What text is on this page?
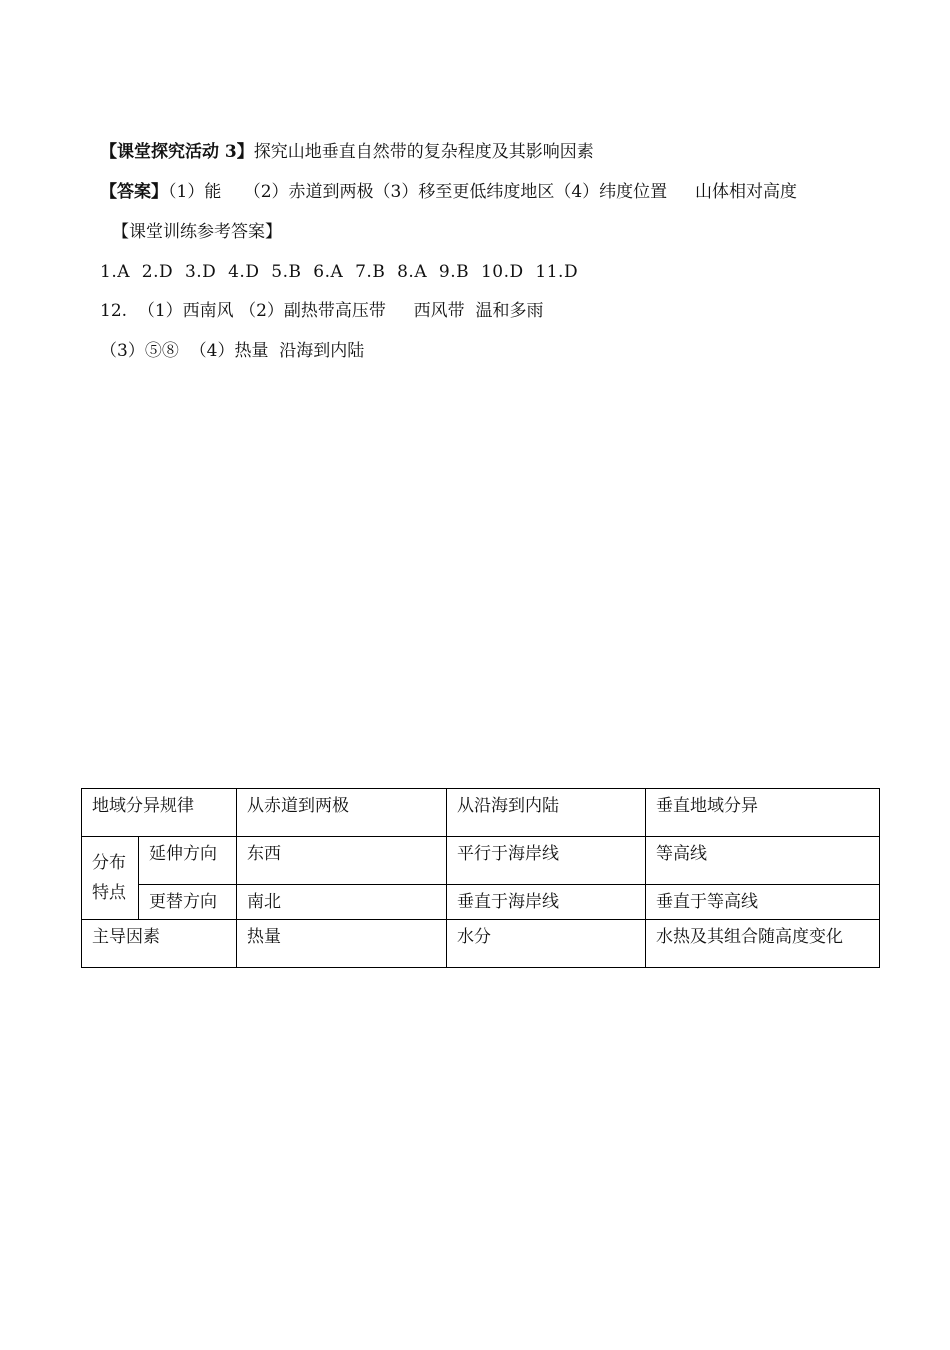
【课堂探究活动 3】探究山地垂直自然带的复杂程度及其影响因素
【答案】（1）能　 （2）赤道到两极（3）移至更低纬度地区（4）纬度位置 　 山体相对高度
【课堂训练参考答案】
1.A  2.D  3.D  4.D  5.B  6.A  7.B  8.A  9.B  10.D  11.D
12.  （1）西南风 （2）副热带高压带 　 西风带  温和多雨
（3）⑤⑧  （4）热量  沿海到内陆
地域分异规律		从赤道到两极	从沿海到内陆	垂直地域分异
分布特点	延伸方向	东西	平行于海岸线	等高线
	更替方向	南北	垂直于海岸线	垂直于等高线
主导因素		热量	水分	水热及其组合随高度变化
